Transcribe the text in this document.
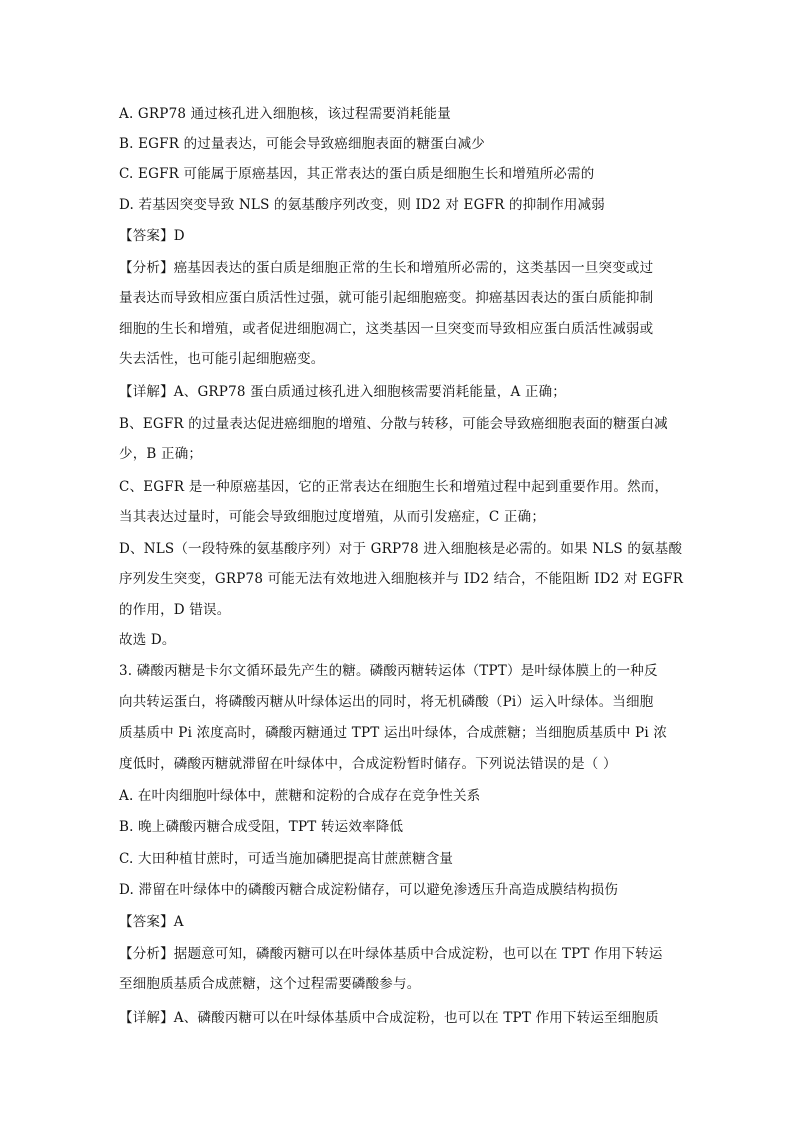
A. GRP78 通过核孔进入细胞核，该过程需要消耗能量
B. EGFR 的过量表达，可能会导致癌细胞表面的糖蛋白减少
C. EGFR 可能属于原癌基因，其正常表达的蛋白质是细胞生长和增殖所必需的
D. 若基因突变导致 NLS 的氨基酸序列改变，则 ID2 对 EGFR 的抑制作用减弱
【答案】D
【分析】癌基因表达的蛋白质是细胞正常的生长和增殖所必需的，这类基因一旦突变或过
量表达而导致相应蛋白质活性过强，就可能引起细胞癌变。抑癌基因表达的蛋白质能抑制
细胞的生长和增殖，或者促进细胞凋亡，这类基因一旦突变而导致相应蛋白质活性减弱或
失去活性，也可能引起细胞癌变。
【详解】A、GRP78 蛋白质通过核孔进入细胞核需要消耗能量，A 正确；
B、EGFR 的过量表达促进癌细胞的增殖、分散与转移，可能会导致癌细胞表面的糖蛋白减
少，B 正确；
C、EGFR 是一种原癌基因，它的正常表达在细胞生长和增殖过程中起到重要作用。然而，
当其表达过量时，可能会导致细胞过度增殖，从而引发癌症，C 正确；
D、NLS（一段特殊的氨基酸序列）对于 GRP78 进入细胞核是必需的。如果 NLS 的氨基酸
序列发生突变，GRP78 可能无法有效地进入细胞核并与 ID2 结合，不能阻断 ID2 对 EGFR
的作用，D 错误。
故选 D。
3. 磷酸丙糖是卡尔文循环最先产生的糖。磷酸丙糖转运体（TPT）是叶绿体膜上的一种反
向共转运蛋白，将磷酸丙糖从叶绿体运出的同时，将无机磷酸（Pi）运入叶绿体。当细胞
质基质中 Pi 浓度高时，磷酸丙糖通过 TPT 运出叶绿体，合成蔗糖；当细胞质基质中 Pi 浓
度低时，磷酸丙糖就滞留在叶绿体中，合成淀粉暂时储存。下列说法错误的是（ ）
A. 在叶肉细胞叶绿体中，蔗糖和淀粉的合成存在竞争性关系
B. 晚上磷酸丙糖合成受阻，TPT 转运效率降低
C. 大田种植甘蔗时，可适当施加磷肥提高甘蔗蔗糖含量
D. 滞留在叶绿体中的磷酸丙糖合成淀粉储存，可以避免渗透压升高造成膜结构损伤
【答案】A
【分析】据题意可知，磷酸丙糖可以在叶绿体基质中合成淀粉，也可以在 TPT 作用下转运
至细胞质基质合成蔗糖，这个过程需要磷酸参与。
【详解】A、磷酸丙糖可以在叶绿体基质中合成淀粉，也可以在 TPT 作用下转运至细胞质
